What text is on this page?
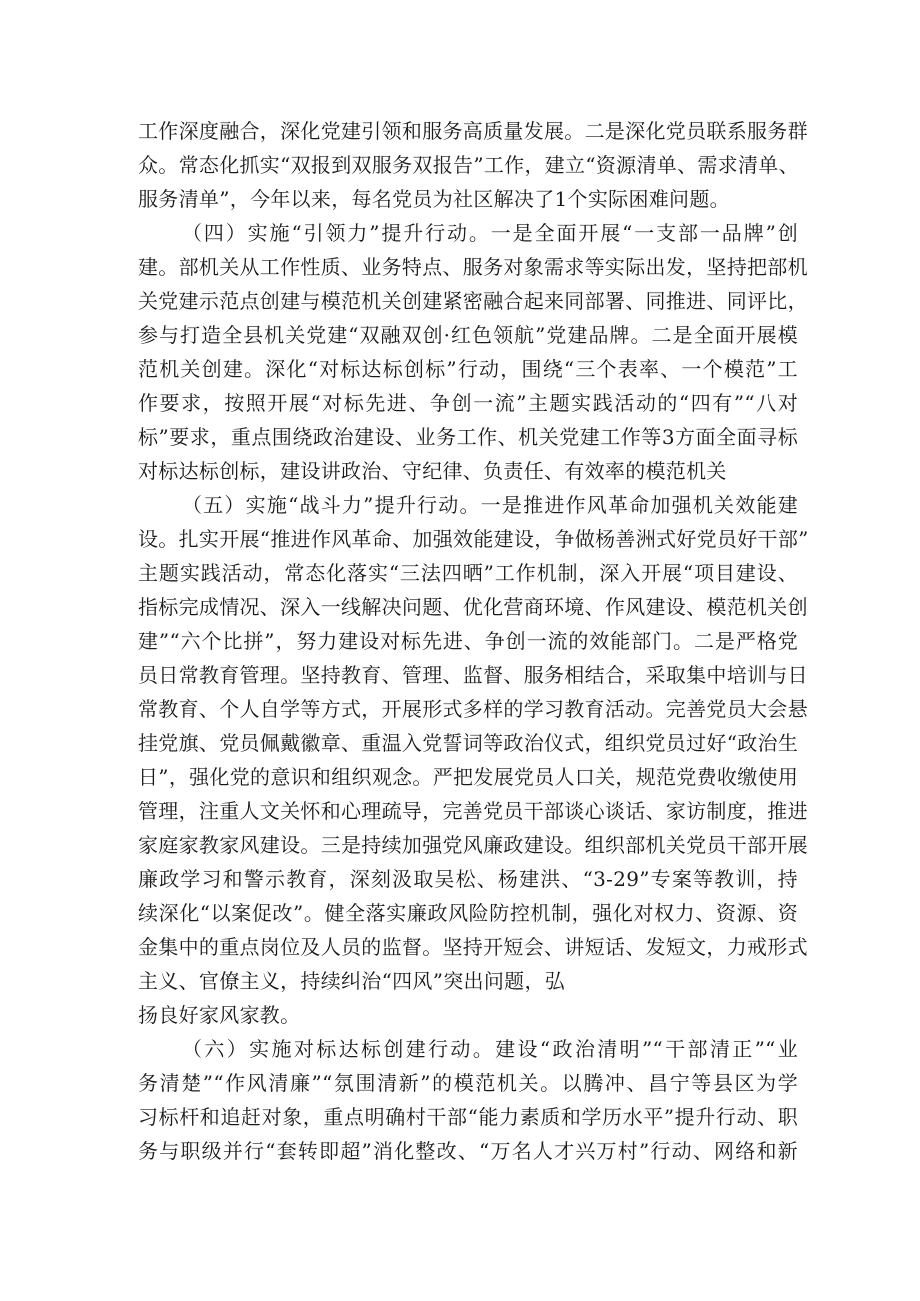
工作深度融合，深化党建引领和服务高质量发展。二是深化党员联系服务群
众。常态化抓实“双报到双服务双报告”工作，建立“资源清单、需求清单、
服务清单”，今年以来，每名党员为社区解决了1个实际困难问题。
（四）实施“引领力”提升行动。一是全面开展“一支部一品牌”创
建。部机关从工作性质、业务特点、服务对象需求等实际出发，坚持把部机
关党建示范点创建与模范机关创建紧密融合起来同部署、同推进、同评比，
参与打造全县机关党建“双融双创·红色领航”党建品牌。二是全面开展模
范机关创建。深化“对标达标创标”行动，围绕“三个表率、一个模范”工
作要求，按照开展“对标先进、争创一流”主题实践活动的“四有”“八对
标”要求，重点围绕政治建设、业务工作、机关党建工作等3方面全面寻标
对标达标创标，建设讲政治、守纪律、负责任、有效率的模范机关
（五）实施“战斗力”提升行动。一是推进作风革命加强机关效能建
设。扎实开展“推进作风革命、加强效能建设，争做杨善洲式好党员好干部”
主题实践活动，常态化落实“三法四晒”工作机制，深入开展“项目建设、
指标完成情况、深入一线解决问题、优化营商环境、作风建设、模范机关创
建”“六个比拼”，努力建设对标先进、争创一流的效能部门。二是严格党
员日常教育管理。坚持教育、管理、监督、服务相结合，采取集中培训与日
常教育、个人自学等方式，开展形式多样的学习教育活动。完善党员大会悬
挂党旗、党员佩戴徽章、重温入党誓词等政治仪式，组织党员过好“政治生
日”，强化党的意识和组织观念。严把发展党员人口关，规范党费收缴使用
管理，注重人文关怀和心理疏导，完善党员干部谈心谈话、家访制度，推进
家庭家教家风建设。三是持续加强党风廉政建设。组织部机关党员干部开展
廉政学习和警示教育，深刻汲取吴松、杨建洪、“3-29”专案等教训，持
续深化“以案促改”。健全落实廉政风险防控机制，强化对权力、资源、资
金集中的重点岗位及人员的监督。坚持开短会、讲短话、发短文，力戒形式
主义、官僚主义，持续纠治“四风”突出问题，弘
扬良好家风家教。
（六）实施对标达标创建行动。建设“政治清明”“干部清正”“业
务清楚”“作风清廉”“氛围清新”的模范机关。以腾冲、昌宁等县区为学
习标杆和追赶对象，重点明确村干部“能力素质和学历水平”提升行动、职
务与职级并行“套转即超”消化整改、“万名人才兴万村”行动、网络和新
